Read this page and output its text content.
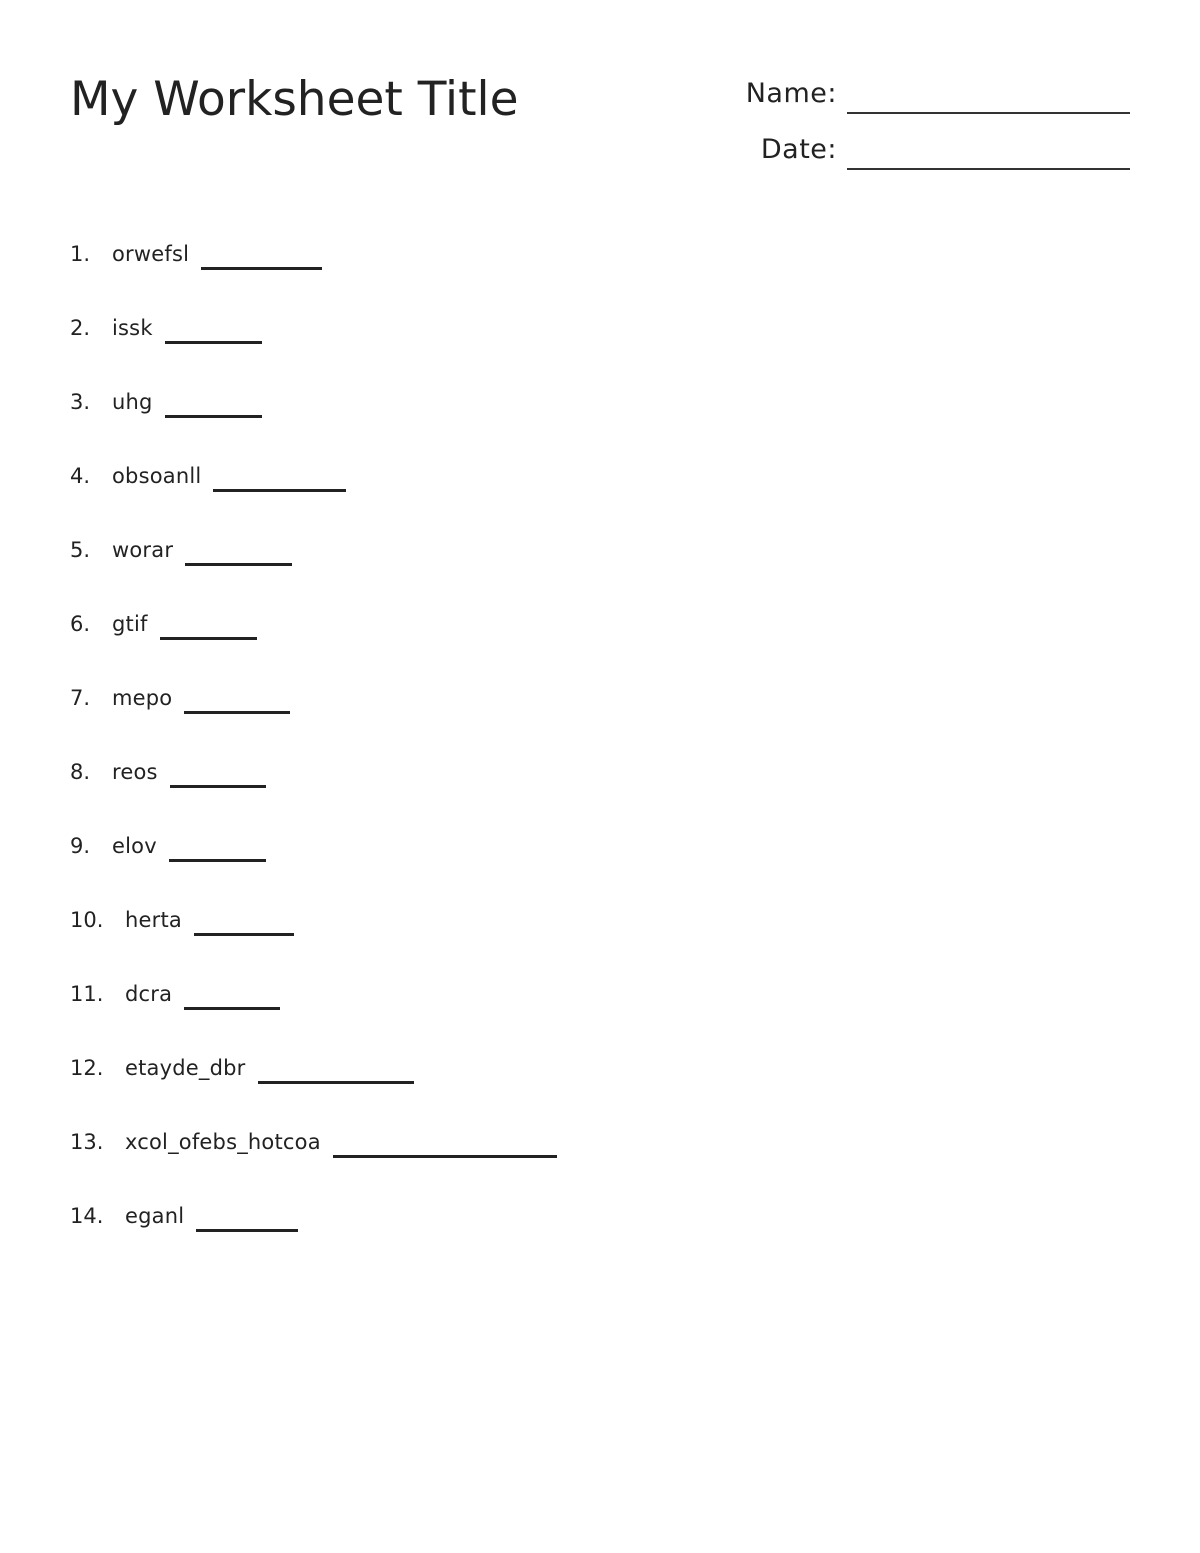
My Worksheet Title	Name:
Date:
1.	orwefsl
2.	issk
3.	uhg
4.	obsoanll
5.	worar
6.	gtif
7.	mepo
8.	reos
9.	elov
10.	herta
11.	dcra
12.	etayde_dbr
13.	xcol_ofebs_hotcoa
14.	eganl
